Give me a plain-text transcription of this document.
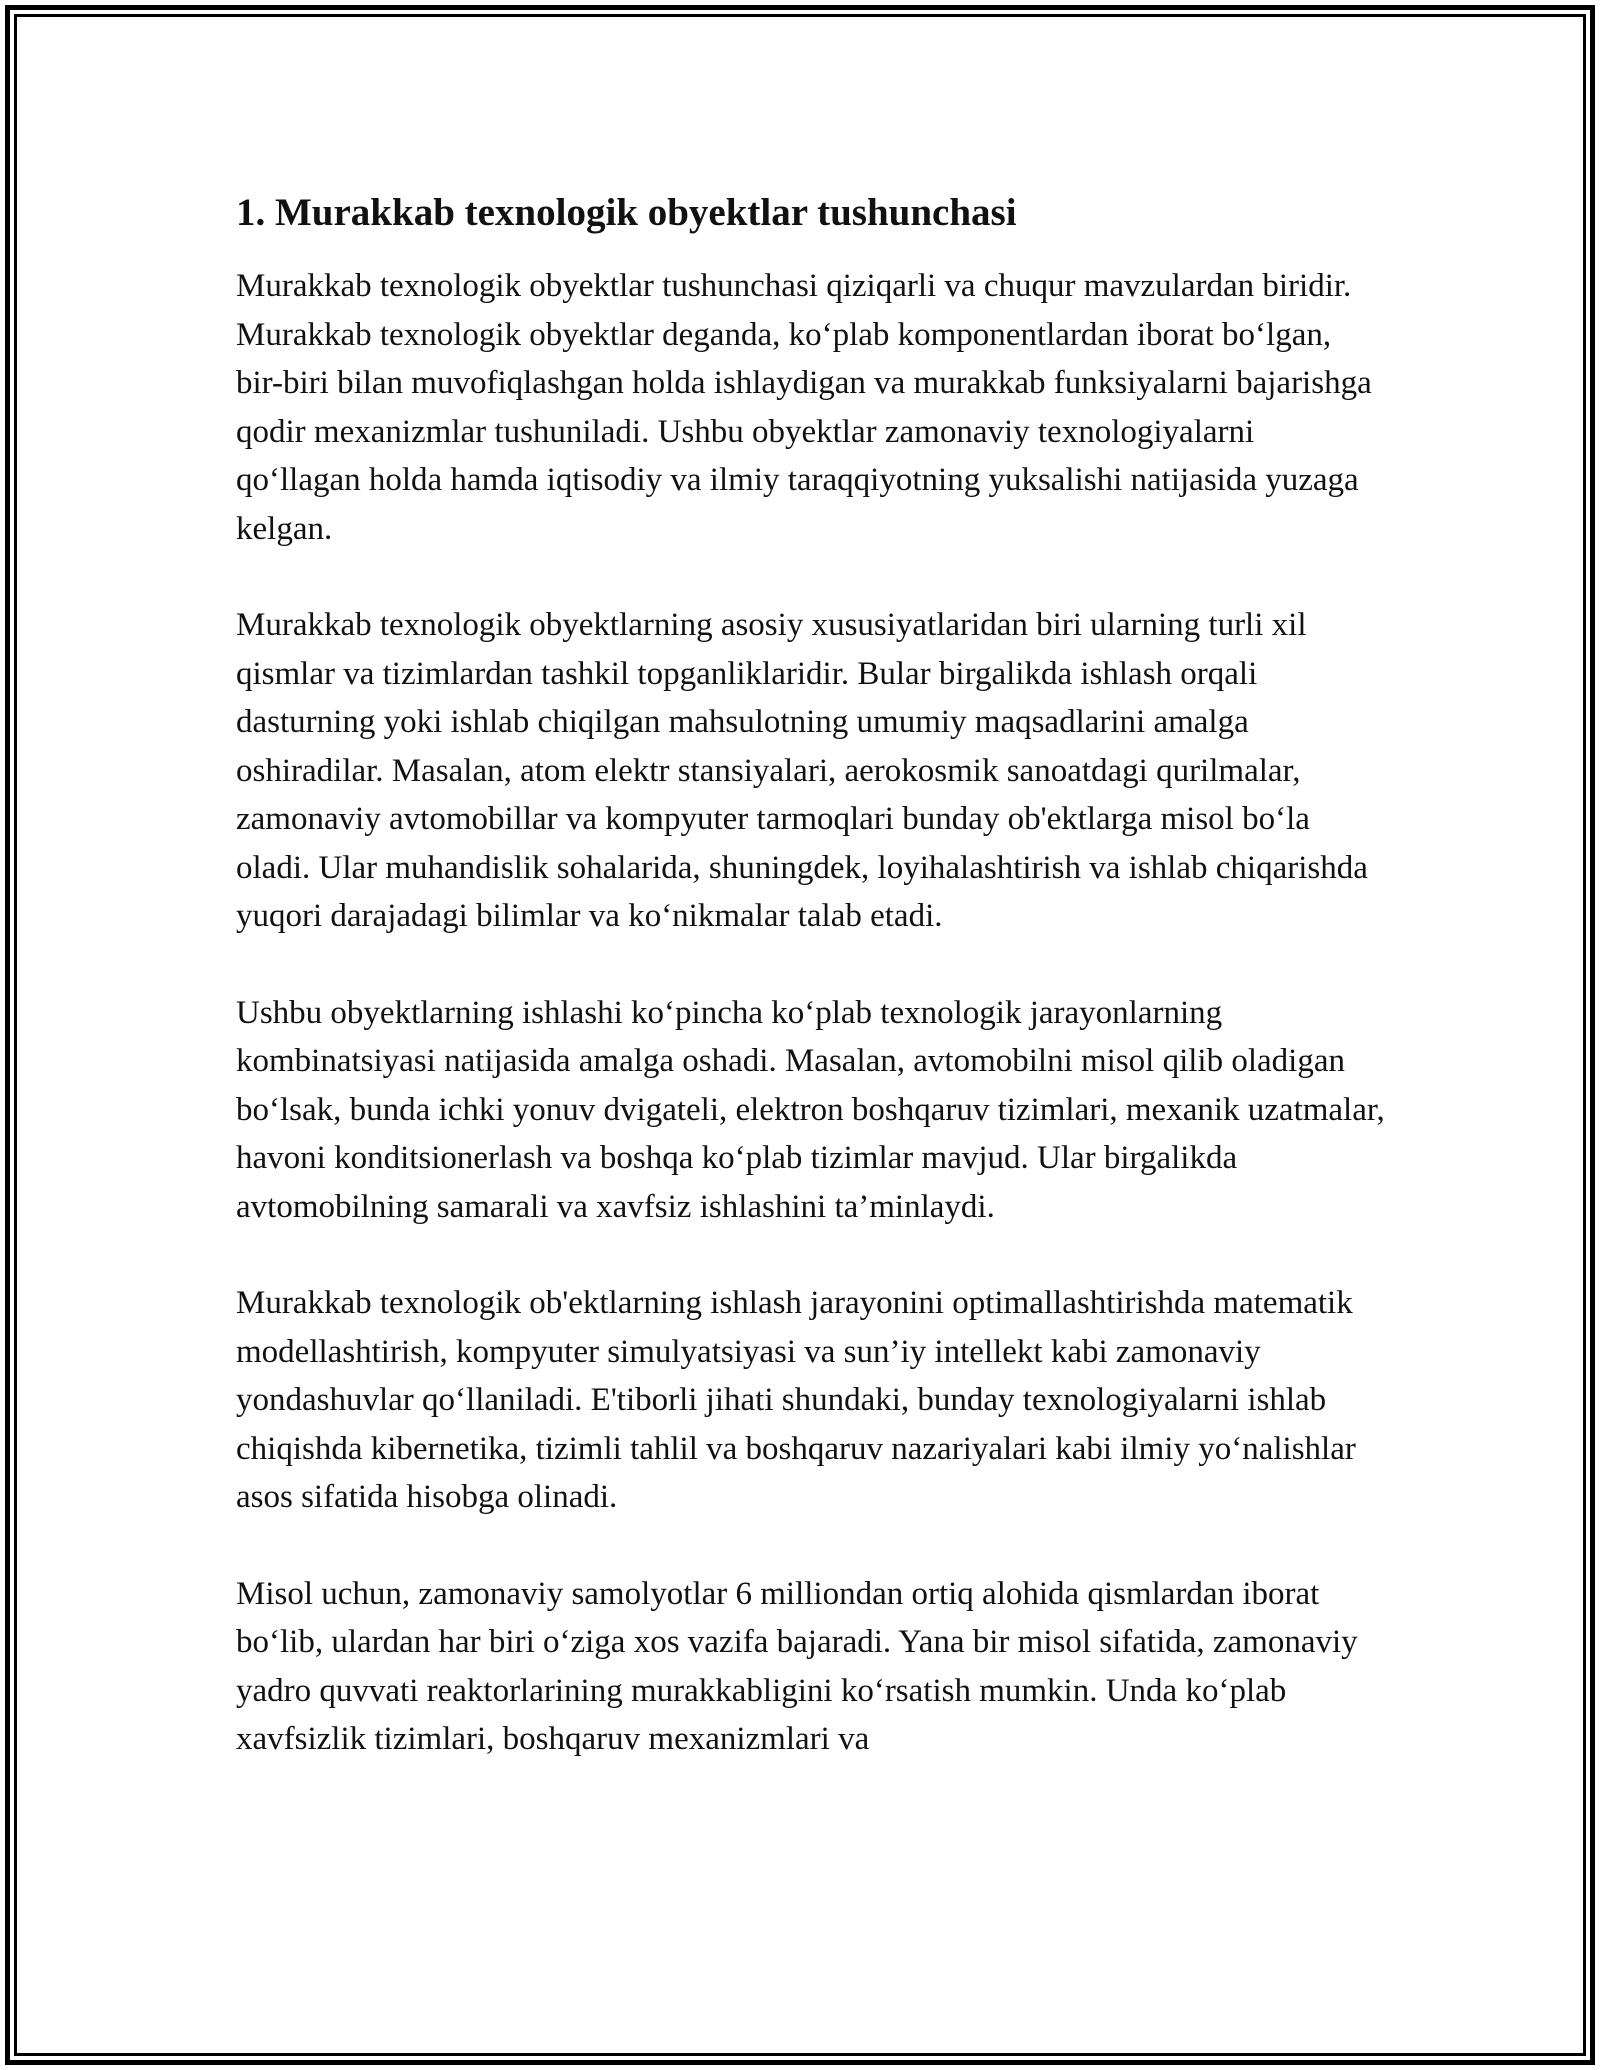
1. Murakkab texnologik obyektlar tushunchasi

Murakkab texnologik obyektlar tushunchasi qiziqarli va chuqur mavzulardan biridir. Murakkab texnologik obyektlar deganda, ko‘plab komponentlardan iborat bo‘lgan, bir-biri bilan muvofiqlashgan holda ishlaydigan va murakkab funksiyalarni bajarishga qodir mexanizmlar tushuniladi. Ushbu obyektlar zamonaviy texnologiyalarni qo‘llagan holda hamda iqtisodiy va ilmiy taraqqiyotning yuksalishi natijasida yuzaga kelgan.

Murakkab texnologik obyektlarning asosiy xususiyatlaridan biri ularning turli xil qismlar va tizimlardan tashkil topganliklaridir. Bular birgalikda ishlash orqali dasturning yoki ishlab chiqilgan mahsulotning umumiy maqsadlarini amalga oshiradilar. Masalan, atom elektr stansiyalari, aerokosmik sanoatdagi qurilmalar, zamonaviy avtomobillar va kompyuter tarmoqlari bunday ob'ektlarga misol bo‘la oladi. Ular muhandislik sohalarida, shuningdek, loyihalashtirish va ishlab chiqarishda yuqori darajadagi bilimlar va ko‘nikmalar talab etadi.

Ushbu obyektlarning ishlashi ko‘pincha ko‘plab texnologik jarayonlarning kombinatsiyasi natijasida amalga oshadi. Masalan, avtomobilni misol qilib oladigan bo‘lsak, bunda ichki yonuv dvigateli, elektron boshqaruv tizimlari, mexanik uzatmalar, havoni konditsionerlash va boshqa ko‘plab tizimlar mavjud. Ular birgalikda avtomobilning samarali va xavfsiz ishlashini ta’minlaydi.

Murakkab texnologik ob'ektlarning ishlash jarayonini optimallashtirishda matematik modellashtirish, kompyuter simulyatsiyasi va sun’iy intellekt kabi zamonaviy yondashuvlar qo‘llaniladi. E'tiborli jihati shundaki, bunday texnologiyalarni ishlab chiqishda kibernetika, tizimli tahlil va boshqaruv nazariyalari kabi ilmiy yo‘nalishlar asos sifatida hisobga olinadi.

Misol uchun, zamonaviy samolyotlar 6 milliondan ortiq alohida qismlardan iborat bo‘lib, ulardan har biri o‘ziga xos vazifa bajaradi. Yana bir misol sifatida, zamonaviy yadro quvvati reaktorlarining murakkabligini ko‘rsatish mumkin. Unda ko‘plab xavfsizlik tizimlari, boshqaruv mexanizmlari va
